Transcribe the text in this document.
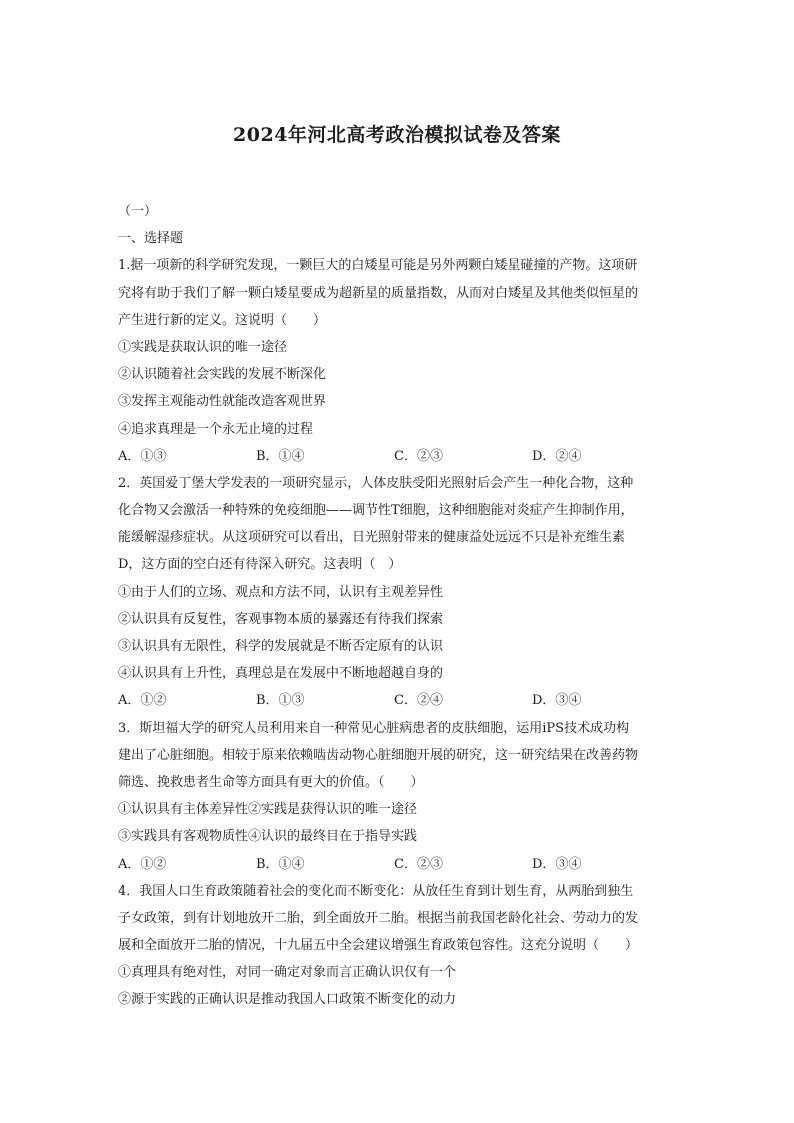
2024年河北高考政治模拟试卷及答案
（一）
一、选择题
1.据一项新的科学研究发现，一颗巨大的白矮星可能是另外两颗白矮星碰撞的产物。这项研
究将有助于我们了解一颗白矮星要成为超新星的质量指数，从而对白矮星及其他类似恒星的
产生进行新的定义。这说明（　　）
①实践是获取认识的唯一途径
②认识随着社会实践的发展不断深化
③发挥主观能动性就能改造客观世界
④追求真理是一个永无止境的过程
A．①③	B．①④	C．②③	D．②④
2．英国爱丁堡大学发表的一项研究显示，人体皮肤受阳光照射后会产生一种化合物，这种
化合物又会激活一种特殊的免疫细胞——调节性T细胞，这种细胞能对炎症产生抑制作用，
能缓解湿疹症状。从这项研究可以看出，日光照射带来的健康益处远远不只是补充维生素
D，这方面的空白还有待深入研究。这表明（　）
①由于人们的立场、观点和方法不同，认识有主观差异性
②认识具有反复性，客观事物本质的暴露还有待我们探索
③认识具有无限性，科学的发展就是不断否定原有的认识
④认识具有上升性，真理总是在发展中不断地超越自身的
A．①②	B．①③	C．②④	D．③④
3．斯坦福大学的研究人员利用来自一种常见心脏病患者的皮肤细胞，运用iPS技术成功构
建出了心脏细胞。相较于原来依赖啮齿动物心脏细胞开展的研究，这一研究结果在改善药物
筛选、挽救患者生命等方面具有更大的价值。（　　）
①认识具有主体差异性②实践是获得认识的唯一途径
③实践具有客观物质性④认识的最终目在于指导实践
A．①②	B．①④	C．②③	D．③④
4．我国人口生育政策随着社会的变化而不断变化：从放任生育到计划生育，从两胎到独生
子女政策，到有计划地放开二胎，到全面放开二胎。根据当前我国老龄化社会、劳动力的发
展和全面放开二胎的情况，十九届五中全会建议增强生育政策包容性。这充分说明（　　）
①真理具有绝对性，对同一确定对象而言正确认识仅有一个
②源于实践的正确认识是推动我国人口政策不断变化的动力
